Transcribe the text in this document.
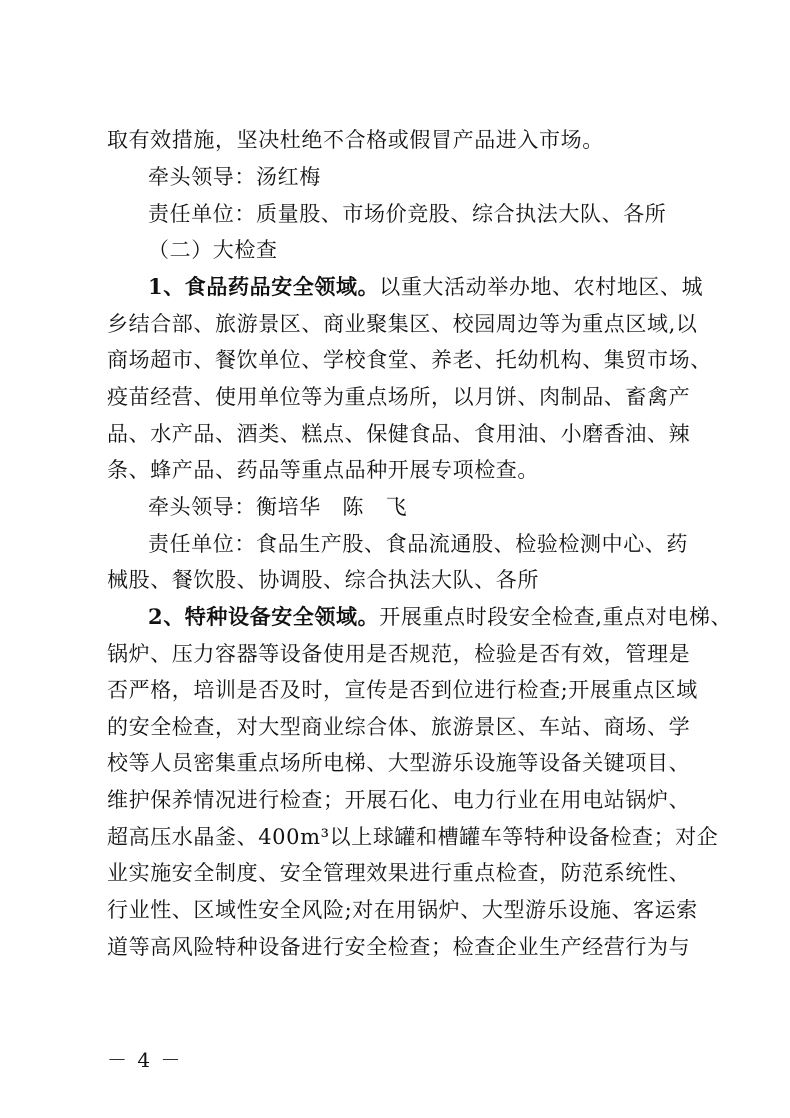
取有效措施，坚决杜绝不合格或假冒产品进入市场。
牵头领导：汤红梅
责任单位：质量股、市场价竞股、综合执法大队、各所
（二）大检查
1、食品药品安全领域。以重大活动举办地、农村地区、城
乡结合部、旅游景区、商业聚集区、校园周边等为重点区域,以
商场超市、餐饮单位、学校食堂、养老、托幼机构、集贸市场、
疫苗经营、使用单位等为重点场所，以月饼、肉制品、畜禽产
品、水产品、酒类、糕点、保健食品、食用油、小磨香油、辣
条、蜂产品、药品等重点品种开展专项检查。
牵头领导：衡培华　陈　飞
责任单位：食品生产股、食品流通股、检验检测中心、药
械股、餐饮股、协调股、综合执法大队、各所
2、特种设备安全领域。开展重点时段安全检查,重点对电梯、
锅炉、压力容器等设备使用是否规范，检验是否有效，管理是
否严格，培训是否及时，宣传是否到位进行检查;开展重点区域
的安全检查，对大型商业综合体、旅游景区、车站、商场、学
校等人员密集重点场所电梯、大型游乐设施等设备关键项目、
维护保养情况进行检查；开展石化、电力行业在用电站锅炉、
超高压水晶釜、400m³以上球罐和槽罐车等特种设备检查；对企
业实施安全制度、安全管理效果进行重点检查，防范系统性、
行业性、区域性安全风险;对在用锅炉、大型游乐设施、客运索
道等高风险特种设备进行安全检查；检查企业生产经营行为与
－ 4 －
